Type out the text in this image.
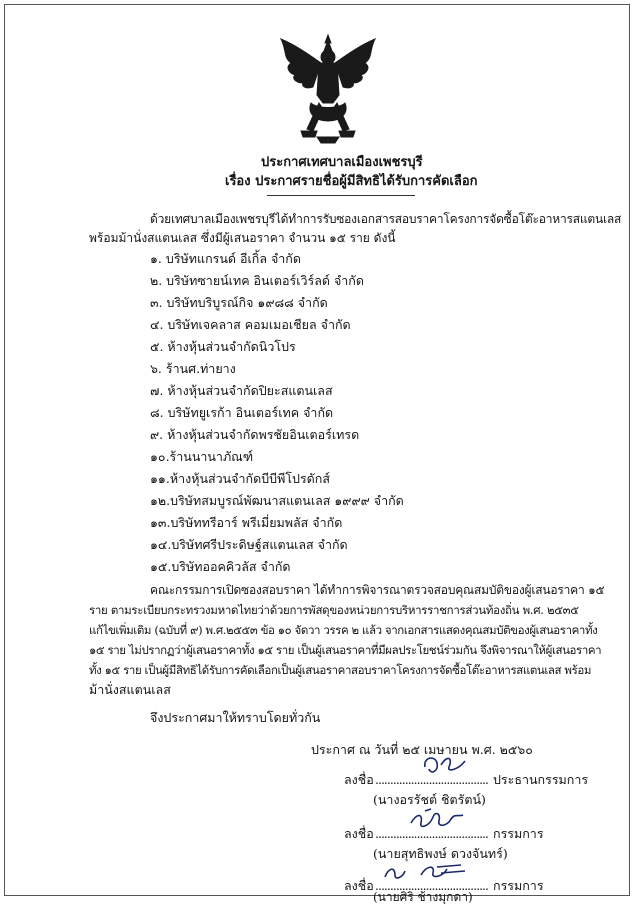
ประกาศเทศบาลเมืองเพชรบุรี
เรื่อง ประกาศรายชื่อผู้มีสิทธิได้รับการคัดเลือก
ด้วยเทศบาลเมืองเพชรบุรีได้ทำการรับซองเอกสารสอบราคาโครงการจัดซื้อโต๊ะอาหารสแตนเลส
พร้อมม้านั่งสแตนเลส ซึ่งมีผู้เสนอราคา จำนวน ๑๕ ราย ดังนี้
๑. บริษัทแกรนด์ อีเกิ้ล จำกัด
๒. บริษัทซายน์เทค อินเตอร์เวิร์ลด์ จำกัด
๓. บริษัทบริบูรณ์กิจ ๑๙๘๘ จำกัด
๔. บริษัทเจคลาส คอมเมอเชียล จำกัด
๕. ห้างหุ้นส่วนจำกัดนิวโปร
๖. ร้านศ.ท่ายาง
๗. ห้างหุ้นส่วนจำกัดปิยะสแตนเลส
๘. บริษัทยูเรก้า อินเตอร์เทค จำกัด
๙. ห้างหุ้นส่วนจำกัดพรชัยอินเตอร์เทรด
๑๐.ร้านนานาภัณฑ์
๑๑.ห้างหุ้นส่วนจำกัดบีบีพีโปรดักส์
๑๒.บริษัทสมบูรณ์พัฒนาสแตนเลส ๑๙๙๙ จำกัด
๑๓.บริษัททรีอาร์ พรีเมี่ยมพลัส จำกัด
๑๔.บริษัทศรีประดิษฐ์สแตนเลส จำกัด
๑๕.บริษัทออคคิวลัส จำกัด
คณะกรรมการเปิดซองสอบราคา ได้ทำการพิจารณาตรวจสอบคุณสมบัติของผู้เสนอราคา ๑๕
ราย ตามระเบียบกระทรวงมหาดไทยว่าด้วยการพัสดุของหน่วยการบริหารราชการส่วนท้องถิ่น พ.ศ. ๒๕๓๕
แก้ไขเพิ่มเติม (ฉบับที่ ๙) พ.ศ.๒๕๕๓ ข้อ ๑๐ จัดวา วรรค ๒ แล้ว จากเอกสารแสดงคุณสมบัติของผู้เสนอราคาทั้ง
๑๕ ราย ไม่ปรากฏว่าผู้เสนอราคาทั้ง ๑๕ ราย เป็นผู้เสนอราคาที่มีผลประโยชน์ร่วมกัน จึงพิจารณาให้ผู้เสนอราคา
ทั้ง ๑๕ ราย เป็นผู้มีสิทธิได้รับการคัดเลือกเป็นผู้เสนอราคาสอบราคาโครงการจัดซื้อโต๊ะอาหารสแตนเลส พร้อม
ม้านั่งสแตนเลส
จึงประกาศมาให้ทราบโดยทั่วกัน
ประกาศ ณ วันที่ ๒๕ เมษายน พ.ศ. ๒๕๖๐
ลงชื่อ ...................................... ประธานกรรมการ
(นางอรรัชต์ ชิตรัตน์)
ลงชื่อ ...................................... กรรมการ
(นายสุทธิพงษ์ ดวงจันทร์)
ลงชื่อ ...................................... กรรมการ
(นายศิริ ช้างมุกดา)
